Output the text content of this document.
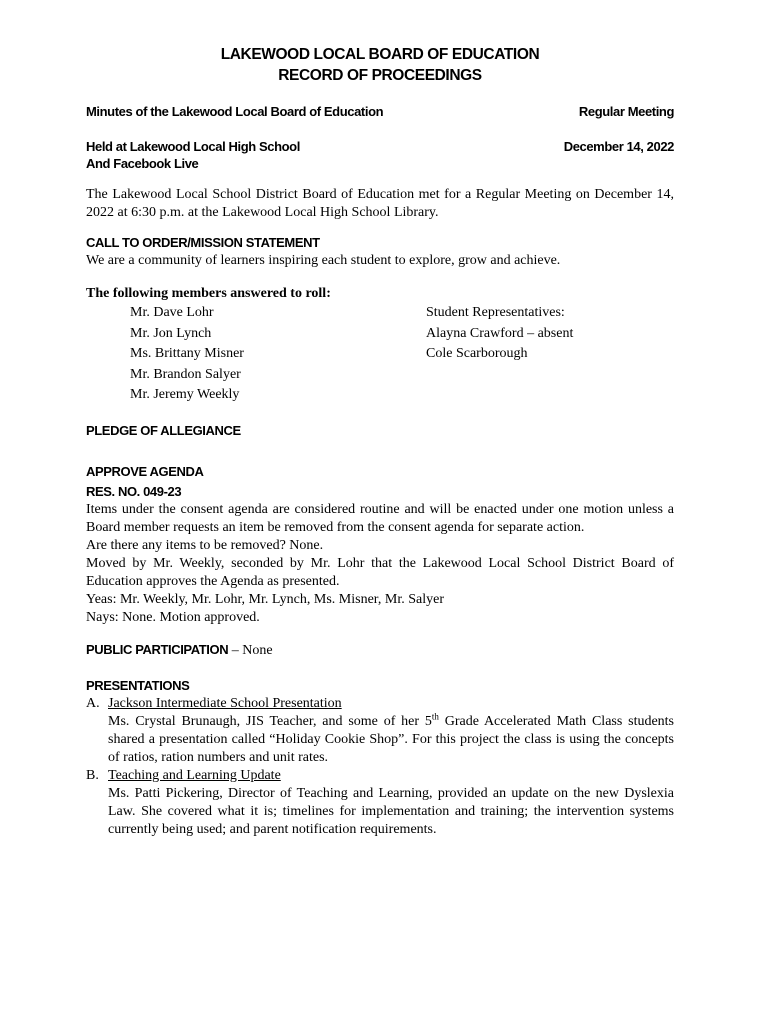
LAKEWOOD LOCAL BOARD OF EDUCATION
RECORD OF PROCEEDINGS
Minutes of the Lakewood Local Board of Education	Regular Meeting
Held at Lakewood Local High School	December 14, 2022
And Facebook Live
The Lakewood Local School District Board of Education met for a Regular Meeting on December 14, 2022 at 6:30 p.m. at the Lakewood Local High School Library.
CALL TO ORDER/MISSION STATEMENT
We are a community of learners inspiring each student to explore, grow and achieve.
The following members answered to roll:
Mr. Dave Lohr
Mr. Jon Lynch
Ms. Brittany Misner
Mr. Brandon Salyer
Mr. Jeremy Weekly
Student Representatives:
Alayna Crawford – absent
Cole Scarborough
PLEDGE OF ALLEGIANCE
APPROVE AGENDA
RES. NO. 049-23
Items under the consent agenda are considered routine and will be enacted under one motion unless a Board member requests an item be removed from the consent agenda for separate action.
Are there any items to be removed? None.
Moved by Mr. Weekly, seconded by Mr. Lohr that the Lakewood Local School District Board of Education approves the Agenda as presented.
Yeas: Mr. Weekly, Mr. Lohr, Mr. Lynch, Ms. Misner, Mr. Salyer
Nays: None. Motion approved.
PUBLIC PARTICIPATION – None
PRESENTATIONS
A. Jackson Intermediate School Presentation
Ms. Crystal Brunaugh, JIS Teacher, and some of her 5th Grade Accelerated Math Class students shared a presentation called “Holiday Cookie Shop”. For this project the class is using the concepts of ratios, ration numbers and unit rates.
B. Teaching and Learning Update
Ms. Patti Pickering, Director of Teaching and Learning, provided an update on the new Dyslexia Law. She covered what it is; timelines for implementation and training; the intervention systems currently being used; and parent notification requirements.
